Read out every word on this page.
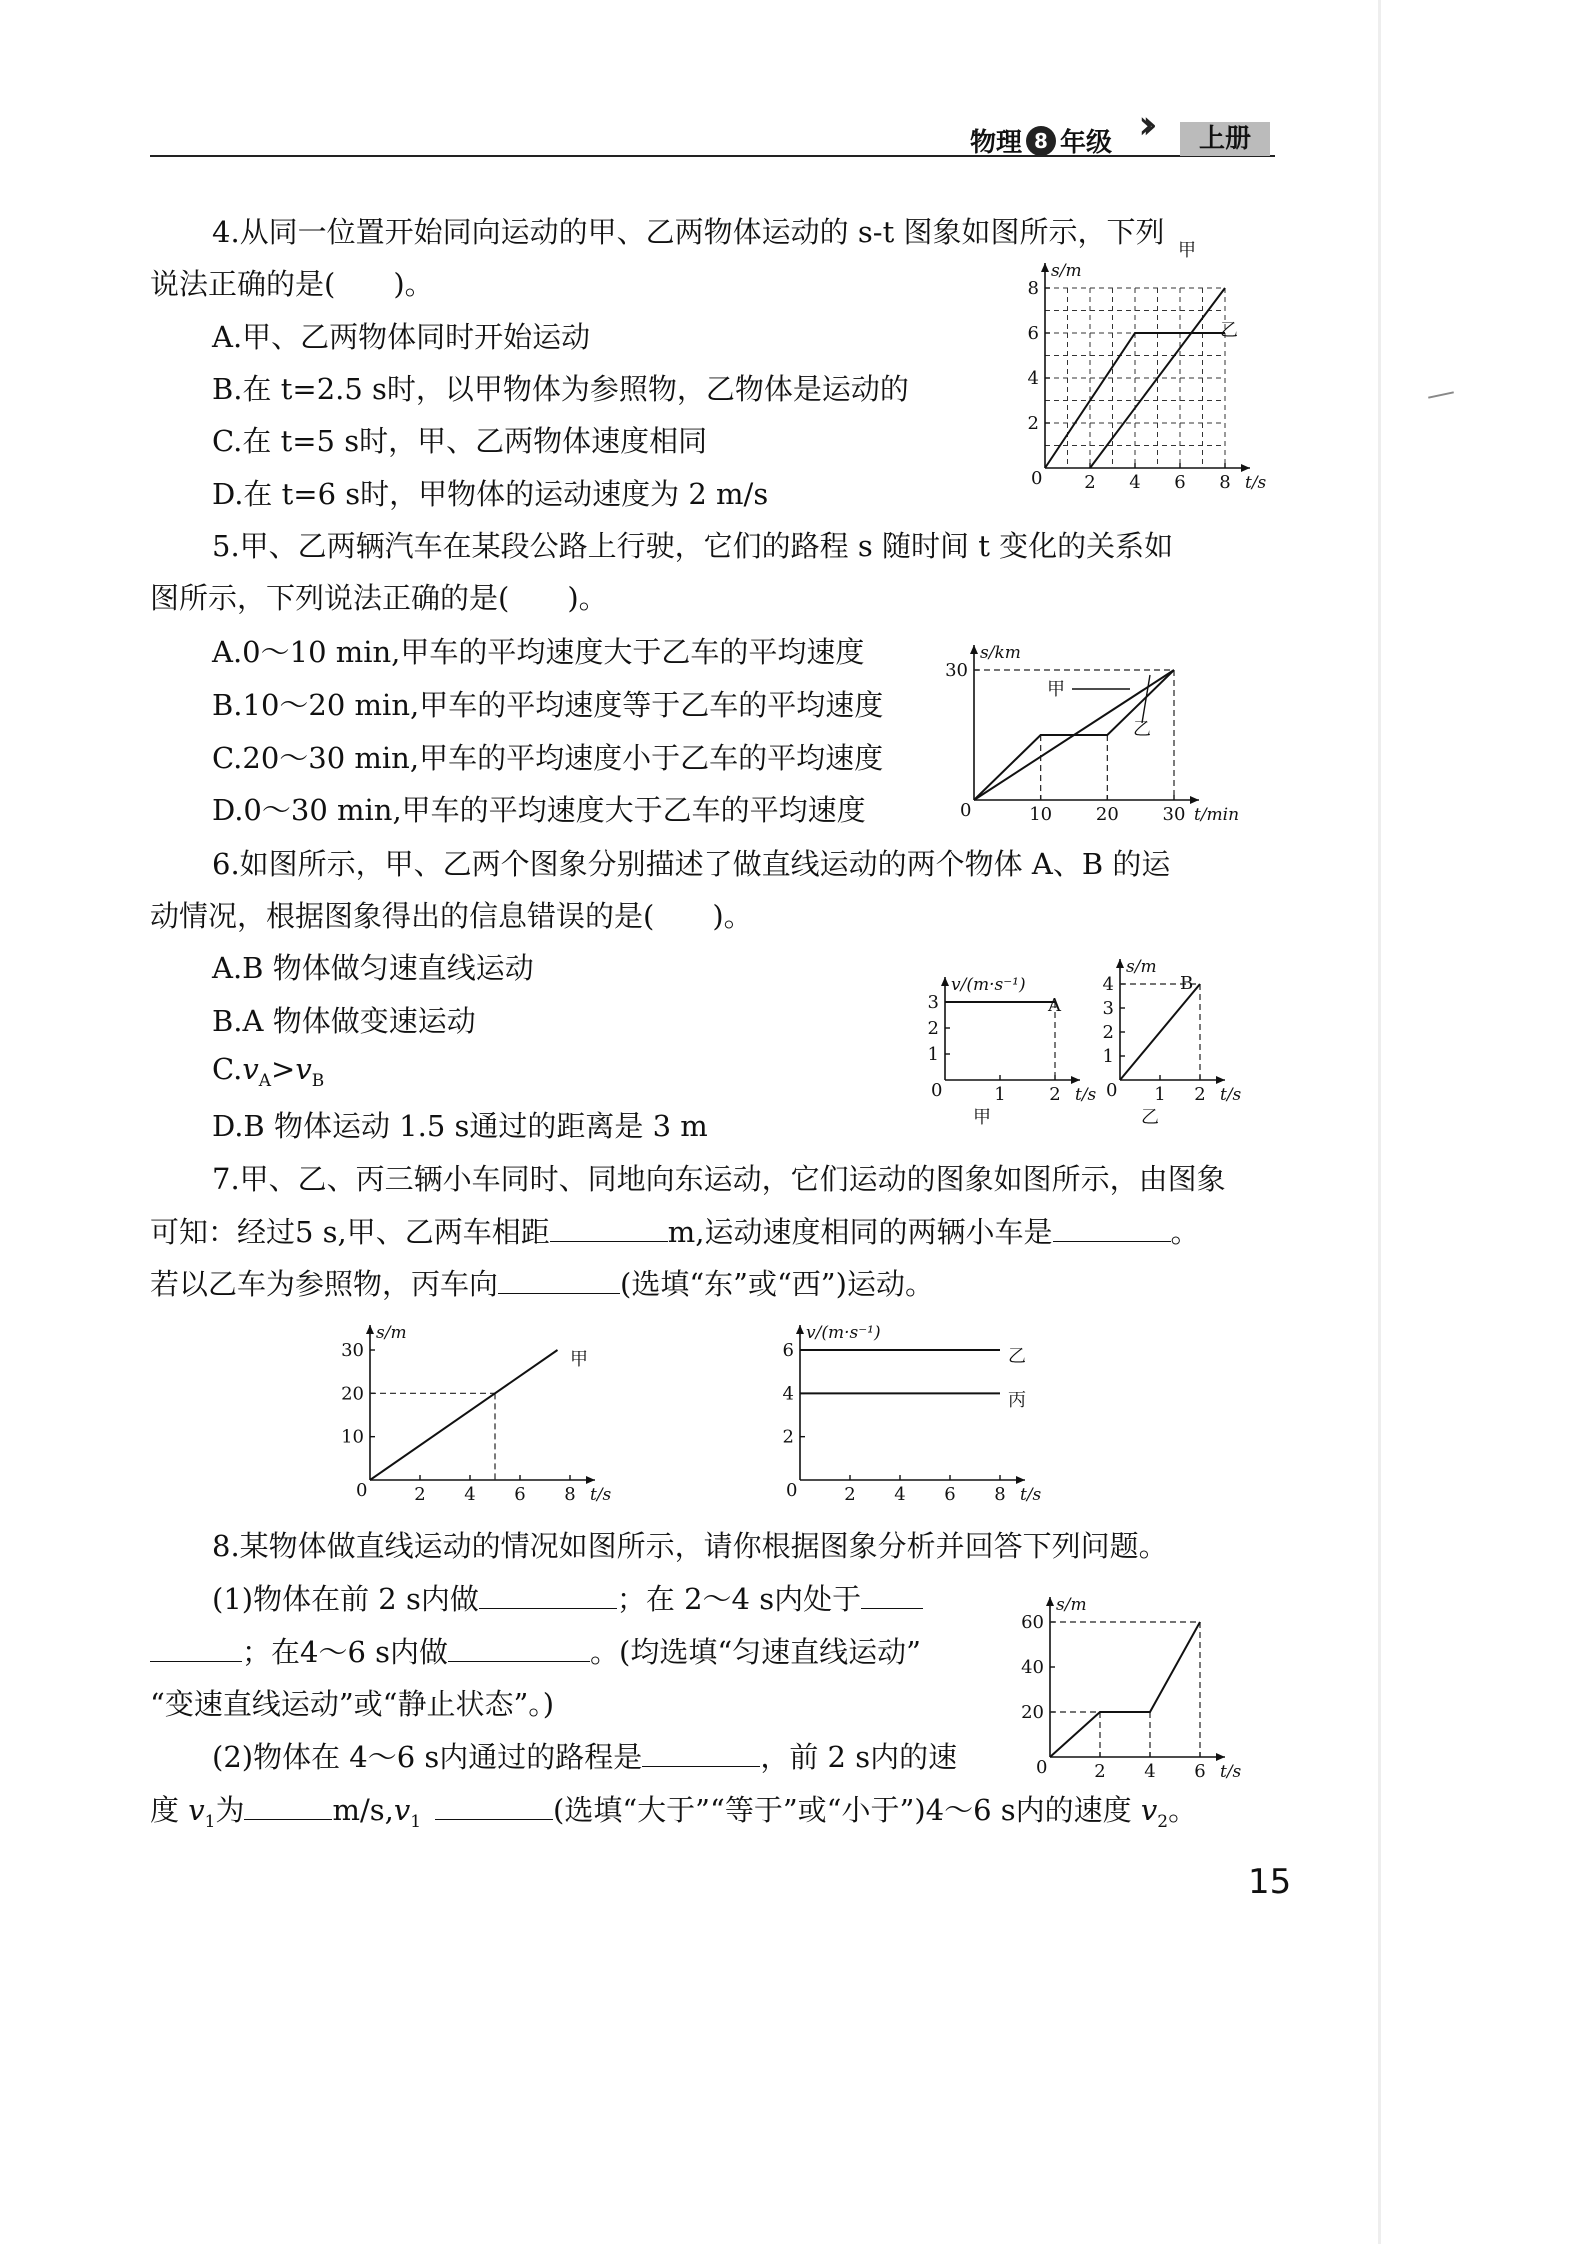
物理 8 年级 ››	上册
4.从同一位置开始同向运动的甲、乙两物体运动的 s-t 图象如图所示，下列
说法正确的是(　　)。
A.甲、乙两物体同时开始运动
B.在 t=2.5 s时，以甲物体为参照物，乙物体是运动的
C.在 t=5 s时，甲、乙两物体速度相同
D.在 t=6 s时，甲物体的运动速度为 2 m/s
5.甲、乙两辆汽车在某段公路上行驶，它们的路程 s 随时间 t 变化的关系如
图所示，下列说法正确的是(　　)。
A.0～10 min,甲车的平均速度大于乙车的平均速度
B.10～20 min,甲车的平均速度等于乙车的平均速度
C.20～30 min,甲车的平均速度小于乙车的平均速度
D.0～30 min,甲车的平均速度大于乙车的平均速度
6.如图所示，甲、乙两个图象分别描述了做直线运动的两个物体 A、B 的运
动情况，根据图象得出的信息错误的是(　　)。
A.B 物体做匀速直线运动
B.A 物体做变速运动
$C.v_A>v_B$
D.B 物体运动 1.5 s通过的距离是 3 m
7.甲、乙、丙三辆小车同时、同地向东运动，它们运动的图象如图所示，由图象
可知：经过5 s,甲、乙两车相距	m,运动速度相同的两辆小车是	。
若以乙车为参照物，丙车向	(选填“东”或“西”)运动。
8.某物体做直线运动的情况如图所示，请你根据图象分析并回答下列问题。
(1)物体在前 2 s内做	；在 2～4 s内处于
；在4～6 s内做	。(均选填“匀速直线运动”
“变速直线运动”或“静止状态”。)
(2)物体在 4～6 s内通过的路程是	，前 2 s内的速
度 $v_1$为	$m/s,v_1$	(选填“大于”“等于”或“小于”)4～6 s内的速度 $v_2$。
s/m
t/s
0 2 4 6 8
2
4
6
8
甲
乙
s/km
t/min
0	10 20 30
30
甲
乙
v/(m·s⁻¹)
t/s
0	1 2
1
2
3	A
甲
s/m
t/s
0 1 2
1
2
3
4	B
乙
s/m
t/s
0	2 4 6 8
10
20
30	甲
v/(m·s⁻¹)
t/s
0	2 4 6 8
2
4
6	乙
丙
s/m
t/s
0	2 4 6
20
40
60
15
